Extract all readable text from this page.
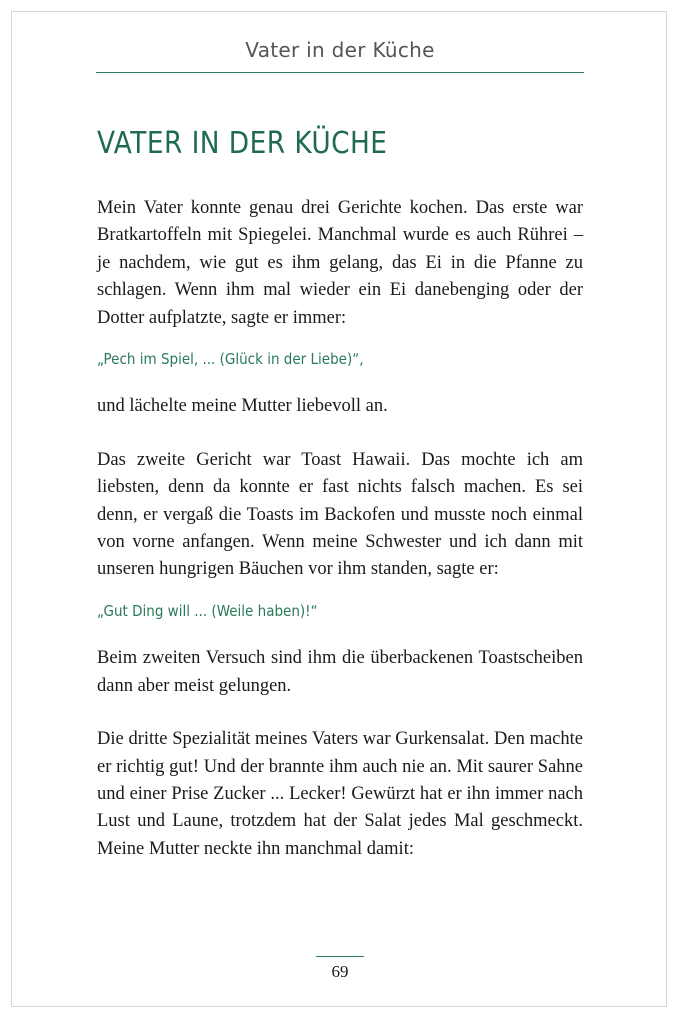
Vater in der Küche
VATER IN DER KÜCHE

Mein Vater konnte genau drei Gerichte kochen. Das erste war Bratkartoffeln mit Spiegelei. Manchmal wurde es auch Rührei – je nachdem, wie gut es ihm gelang, das Ei in die Pfanne zu schlagen. Wenn ihm mal wieder ein Ei danebenging oder der Dotter aufplatzte, sagte er immer:

„Pech im Spiel, ... (Glück in der Liebe)“,

und lächelte meine Mutter liebevoll an.

Das zweite Gericht war Toast Hawaii. Das mochte ich am liebsten, denn da konnte er fast nichts falsch machen. Es sei denn, er vergaß die Toasts im Backofen und musste noch einmal von vorne anfangen. Wenn meine Schwester und ich dann mit unseren hungrigen Bäuchen vor ihm standen, sagte er:

„Gut Ding will ... (Weile haben)!“

Beim zweiten Versuch sind ihm die überbackenen Toastscheiben dann aber meist gelungen.

Die dritte Spezialität meines Vaters war Gurkensalat. Den machte er richtig gut! Und der brannte ihm auch nie an. Mit saurer Sahne und einer Prise Zucker ... Lecker! Gewürzt hat er ihn immer nach Lust und Laune, trotzdem hat der Salat jedes Mal geschmeckt. Meine Mutter neckte ihn manchmal damit:

69
